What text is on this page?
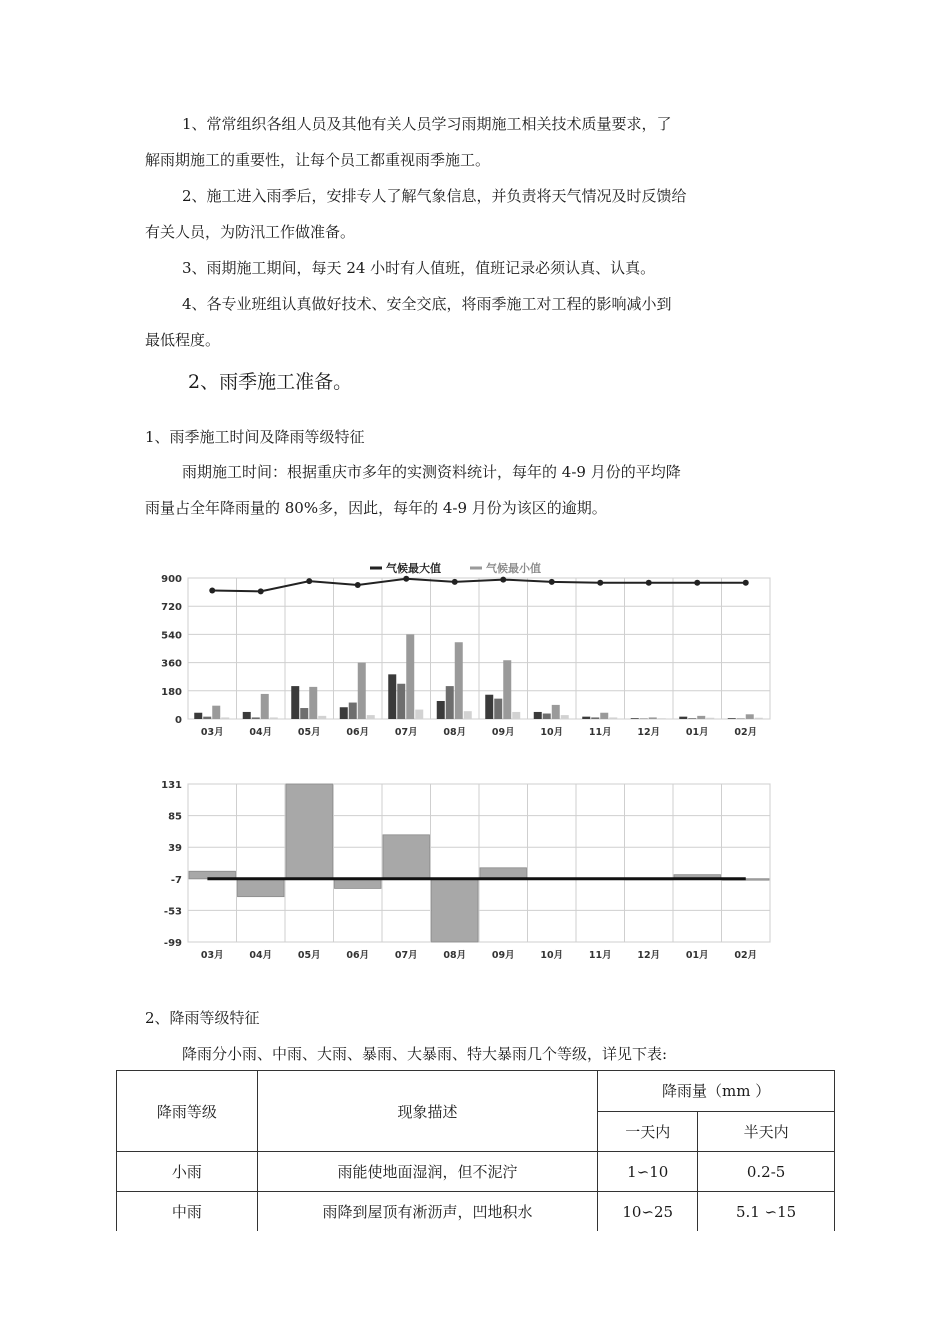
1、常常组织各组人员及其他有关人员学习雨期施工相关技术质量要求，了
解雨期施工的重要性，让每个员工都重视雨季施工。
2、施工进入雨季后，安排专人了解气象信息，并负责将天气情况及时反馈给
有关人员，为防汛工作做准备。
3、雨期施工期间，每天 24 小时有人值班，值班记录必须认真、认真。
4、各专业班组认真做好技术、安全交底，将雨季施工对工程的影响减小到
最低程度。
2、雨季施工准备。
1、雨季施工时间及降雨等级特征
雨期施工时间：根据重庆市多年的实测资料统计，每年的 4-9 月份的平均降
雨量占全年降雨量的 80%多，因此，每年的 4-9 月份为该区的逾期。
0
180
360
540
720
900
03月	04月	05月	06月	07月	08月	09月	10月	11月	12月	01月	02月
气候最大值	气候最小值
-99
-53
-7
39
85
131
03月	04月	05月	06月	07月	08月	09月	10月	11月	12月	01月	02月
2、降雨等级特征
降雨分小雨、中雨、大雨、暴雨、大暴雨、特大暴雨几个等级，详见下表:
降雨等级	现象描述	降雨量（mm ）	
		一天内	半天内
小雨	雨能使地面湿润，但不泥泞	1∽10	0.2-5
中雨	雨降到屋顶有淅沥声，凹地积水	10∽25	5.1 ∽15
